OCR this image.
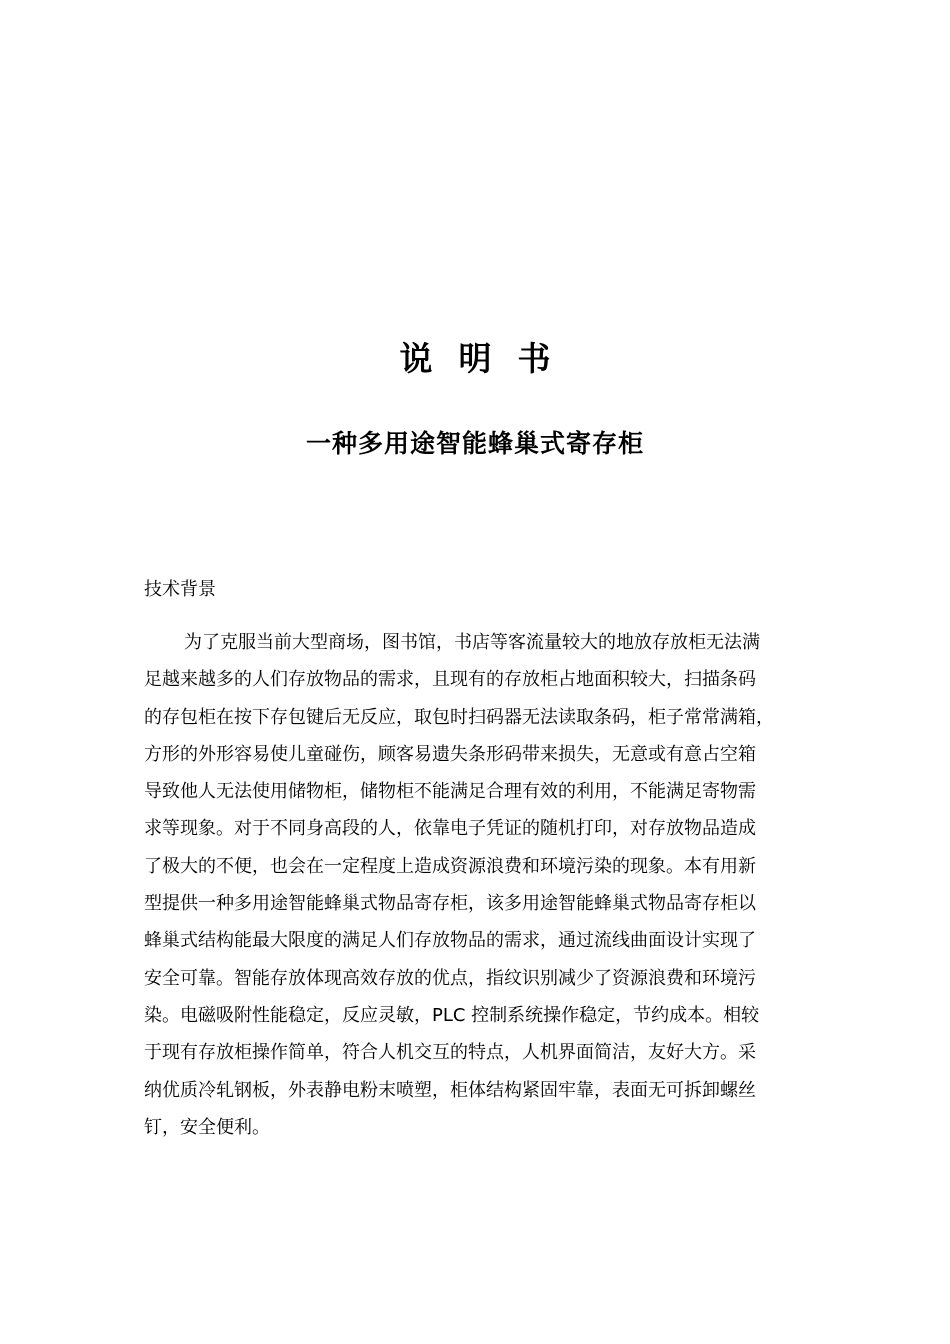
说明书
一种多用途智能蜂巢式寄存柜
技术背景

为了克服当前大型商场，图书馆，书店等客流量较大的地放存放柜无法满
足越来越多的人们存放物品的需求，且现有的存放柜占地面积较大，扫描条码
的存包柜在按下存包键后无反应，取包时扫码器无法读取条码，柜子常常满箱，
方形的外形容易使儿童碰伤，顾客易遗失条形码带来损失，无意或有意占空箱
导致他人无法使用储物柜，储物柜不能满足合理有效的利用，不能满足寄物需
求等现象。对于不同身高段的人，依靠电子凭证的随机打印，对存放物品造成
了极大的不便，也会在一定程度上造成资源浪费和环境污染的现象。本有用新
型提供一种多用途智能蜂巢式物品寄存柜，该多用途智能蜂巢式物品寄存柜以
蜂巢式结构能最大限度的满足人们存放物品的需求，通过流线曲面设计实现了
安全可靠。智能存放体现高效存放的优点，指纹识别减少了资源浪费和环境污
染。电磁吸附性能稳定，反应灵敏，PLC 控制系统操作稳定，节约成本。相较
于现有存放柜操作简单，符合人机交互的特点，人机界面简洁，友好大方。采
纳优质冷轧钢板，外表静电粉末喷塑，柜体结构紧固牢靠，表面无可拆卸螺丝
钉，安全便利。
